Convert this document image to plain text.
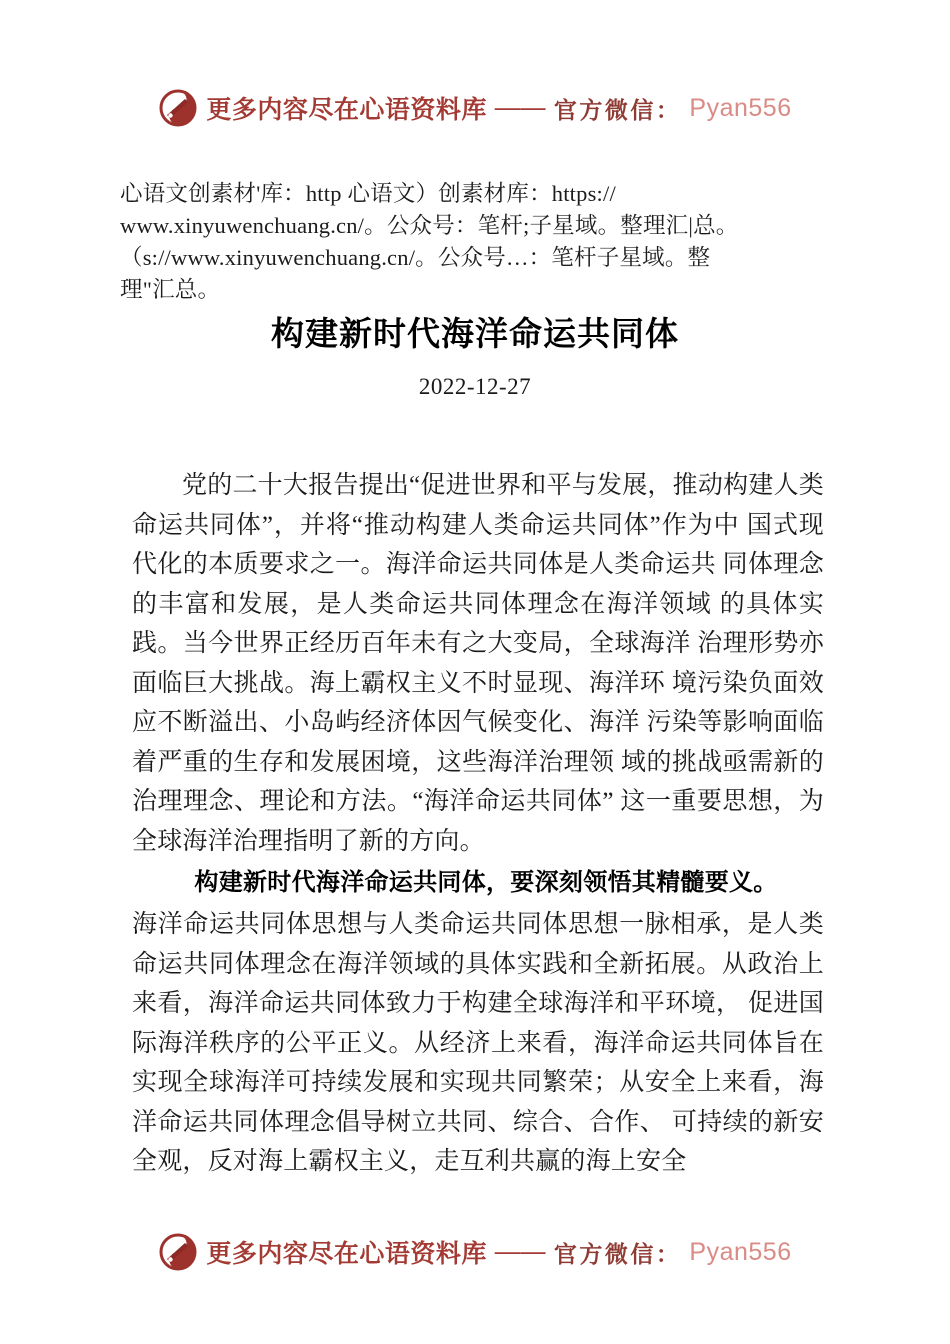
更多内容尽在心语资料库 —— 官方微信： Pyan556
心语文创素材'库：http 心语文）创素材库：https://
www.xinyuwenchuang.cn/。公众号：笔杆;子星域。整理汇|总。
（s://www.xinyuwenchuang.cn/。公众号…：笔杆子星域。整
理"汇总。
构建新时代海洋命运共同体
2022-12-27

党的二十大报告提出“促进世界和平与发展，推动构建人类命运共同体”，并将“推动构建人类命运共同体”作为中 国式现代化的本质要求之一。海洋命运共同体是人类命运共 同体理念的丰富和发展，是人类命运共同体理念在海洋领域 的具体实践。当今世界正经历百年未有之大变局，全球海洋 治理形势亦面临巨大挑战。海上霸权主义不时显现、海洋环 境污染负面效应不断溢出、小岛屿经济体因气候变化、海洋 污染等影响面临着严重的生存和发展困境，这些海洋治理领 域的挑战亟需新的治理理念、理论和方法。“海洋命运共同体” 这一重要思想，为全球海洋治理指明了新的方向。

构建新时代海洋命运共同体，要深刻领悟其精髓要义。

海洋命运共同体思想与人类命运共同体思想一脉相承，是人类命运共同体理念在海洋领域的具体实践和全新拓展。从政治上来看，海洋命运共同体致力于构建全球海洋和平环境， 促进国际海洋秩序的公平正义。从经济上来看，海洋命运共同体旨在实现全球海洋可持续发展和实现共同繁荣；从安全上来看，海洋命运共同体理念倡导树立共同、综合、合作、 可持续的新安全观，反对海上霸权主义，走互利共赢的海上安全

更多内容尽在心语资料库 —— 官方微信： Pyan556
